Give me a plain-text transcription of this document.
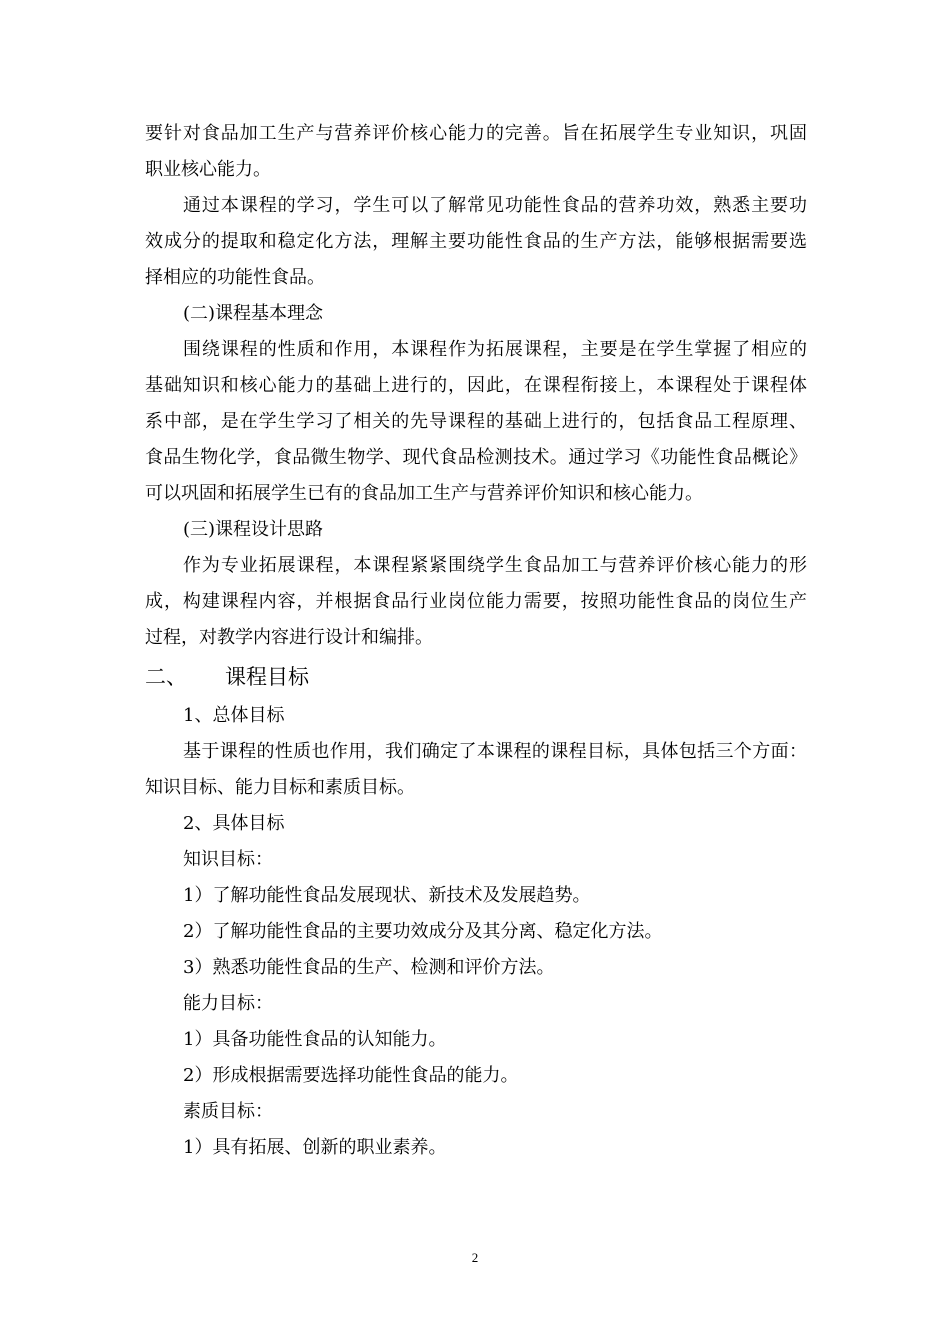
要针对食品加工生产与营养评价核心能力的完善。旨在拓展学生专业知识，巩固

职业核心能力。

通过本课程的学习，学生可以了解常见功能性食品的营养功效，熟悉主要功

效成分的提取和稳定化方法，理解主要功能性食品的生产方法，能够根据需要选

择相应的功能性食品。

(二)课程基本理念

围绕课程的性质和作用，本课程作为拓展课程，主要是在学生掌握了相应的

基础知识和核心能力的基础上进行的，因此，在课程衔接上，本课程处于课程体

系中部，是在学生学习了相关的先导课程的基础上进行的，包括食品工程原理、

食品生物化学，食品微生物学、现代食品检测技术。通过学习《功能性食品概论》

可以巩固和拓展学生已有的食品加工生产与营养评价知识和核心能力。

(三)课程设计思路

作为专业拓展课程，本课程紧紧围绕学生食品加工与营养评价核心能力的形

成，构建课程内容，并根据食品行业岗位能力需要，按照功能性食品的岗位生产

过程，对教学内容进行设计和编排。

二、 课程目标

1、总体目标

基于课程的性质也作用，我们确定了本课程的课程目标，具体包括三个方面：

知识目标、能力目标和素质目标。

2、具体目标

知识目标：

1）了解功能性食品发展现状、新技术及发展趋势。

2）了解功能性食品的主要功效成分及其分离、稳定化方法。

3）熟悉功能性食品的生产、检测和评价方法。

能力目标：

1）具备功能性食品的认知能力。

2）形成根据需要选择功能性食品的能力。

素质目标：

1）具有拓展、创新的职业素养。

2
